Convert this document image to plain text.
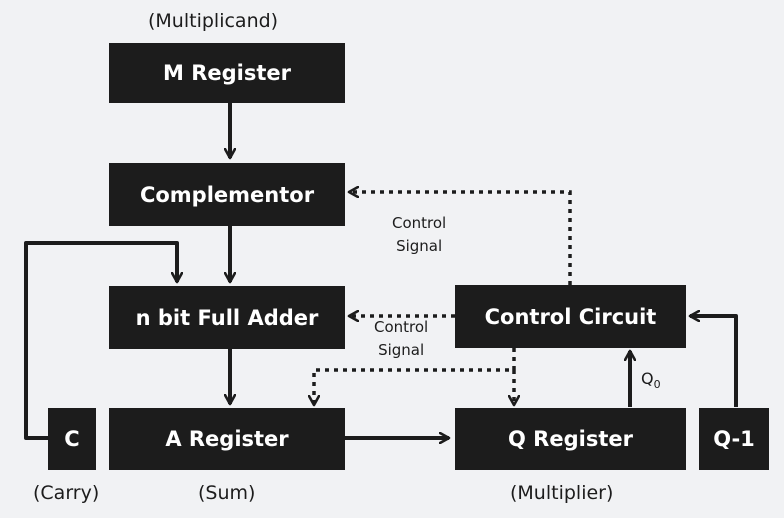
(Multiplicand)
(Carry)	(Sum)	(Multiplier)
M Register
Complementor
n bit Full Adder	Control Circuit
C	A Register	Q Register	Q-1
Control
Signal
Control
Signal
$Q_0$
